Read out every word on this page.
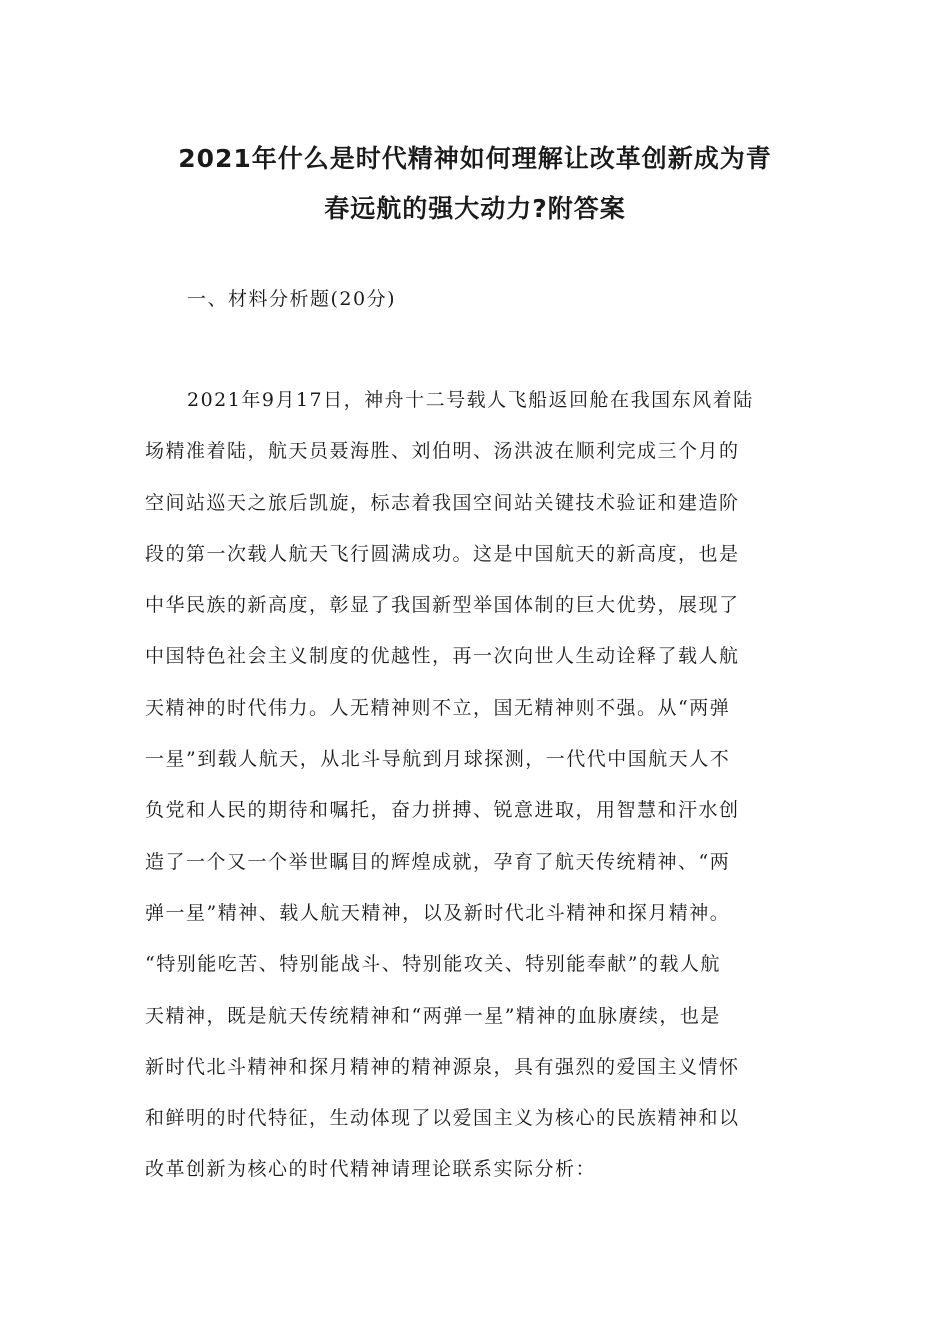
2021年什么是时代精神如何理解让改革创新成为青
春远航的强大动力?附答案

一、材料分析题(20分)

2021年9月17日，神舟十二号载人飞船返回舱在我国东风着陆
场精准着陆，航天员聂海胜、刘伯明、汤洪波在顺利完成三个月的
空间站巡天之旅后凯旋，标志着我国空间站关键技术验证和建造阶
段的第一次载人航天飞行圆满成功。这是中国航天的新高度，也是
中华民族的新高度，彰显了我国新型举国体制的巨大优势，展现了
中国特色社会主义制度的优越性，再一次向世人生动诠释了载人航
天精神的时代伟力。人无精神则不立，国无精神则不强。从“两弹
一星”到载人航天，从北斗导航到月球探测，一代代中国航天人不
负党和人民的期待和嘱托，奋力拼搏、锐意进取，用智慧和汗水创
造了一个又一个举世瞩目的辉煌成就，孕育了航天传统精神、“两
弹一星”精神、载人航天精神，以及新时代北斗精神和探月精神。
“特别能吃苦、特别能战斗、特别能攻关、特别能奉献”的载人航
天精神，既是航天传统精神和“两弹一星”精神的血脉赓续，也是
新时代北斗精神和探月精神的精神源泉，具有强烈的爱国主义情怀
和鲜明的时代特征，生动体现了以爱国主义为核心的民族精神和以
改革创新为核心的时代精神请理论联系实际分析：
